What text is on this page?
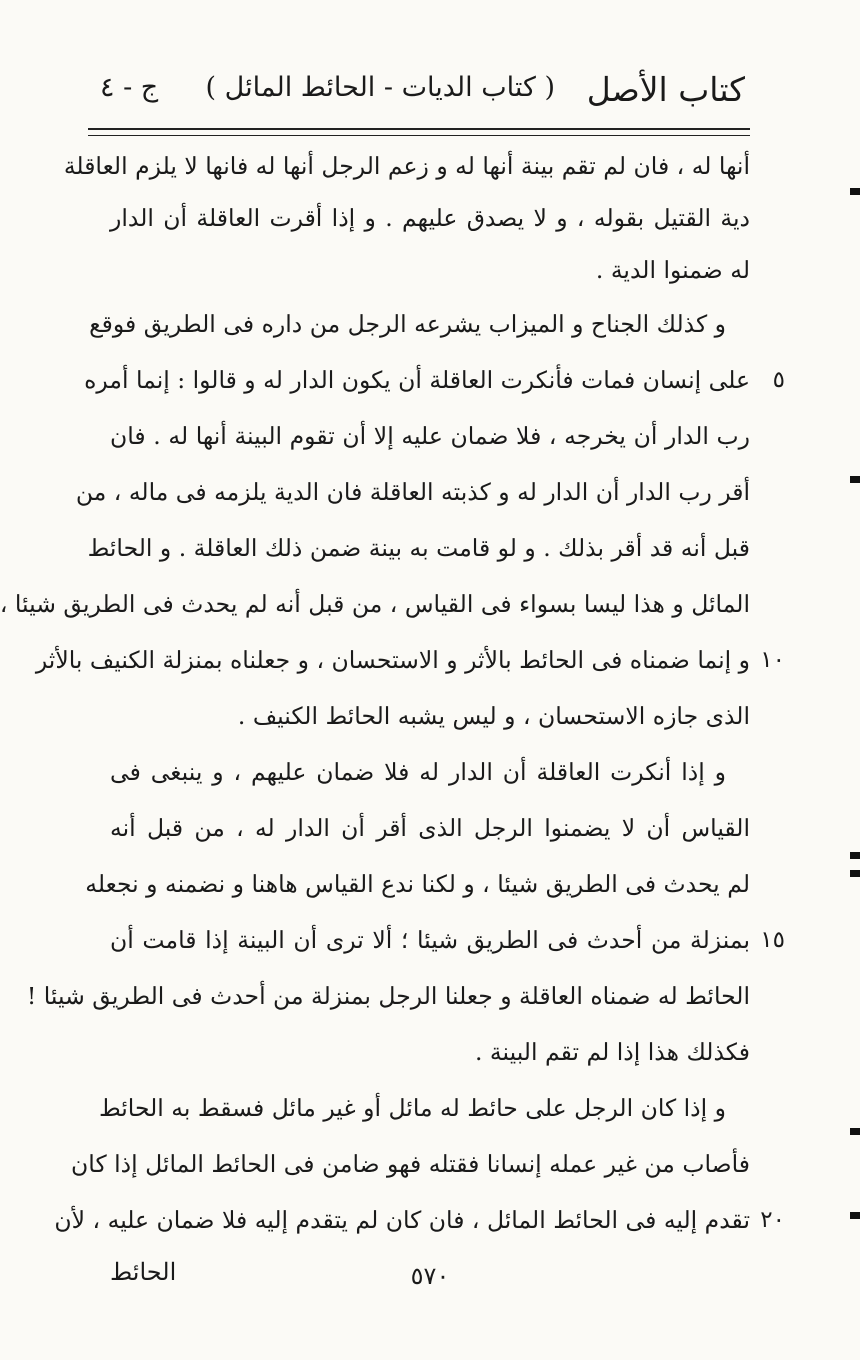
كتاب الأصل
( كتاب الديات - الحائط المائل )
ج - ٤
أنها له ، فان لم تقم بينة أنها له و زعم الرجل أنها له فانها لا يلزم العاقلة
دية القتيل بقوله ، و لا يصدق عليهم . و إذا أقرت العاقلة أن الدار
له ضمنوا الدية .
و كذلك الجناح و الميزاب يشرعه الرجل من داره فى الطريق فوقع
على إنسان فمات فأنكرت العاقلة أن يكون الدار له و قالوا : إنما أمره
رب الدار أن يخرجه ، فلا ضمان عليه إلا أن تقوم البينة أنها له . فان
أقر رب الدار أن الدار له و كذبته العاقلة فان الدية يلزمه فى ماله ، من
قبل أنه قد أقر بذلك . و لو قامت به بينة ضمن ذلك العاقلة . و الحائط
المائل و هذا ليسا بسواء فى القياس ، من قبل أنه لم يحدث فى الطريق شيئا ،
و إنما ضمناه فى الحائط بالأثر و الاستحسان ، و جعلناه بمنزلة الكنيف بالأثر
الذى جازه الاستحسان ، و ليس يشبه الحائط الكنيف .
و إذا أنكرت العاقلة أن الدار له فلا ضمان عليهم ، و ينبغى فى
القياس أن لا يضمنوا الرجل الذى أقر أن الدار له ، من قبل أنه
لم يحدث فى الطريق شيئا ، و لكنا ندع القياس هاهنا و نضمنه و نجعله
بمنزلة من أحدث فى الطريق شيئا ؛ ألا ترى أن البينة إذا قامت أن
الحائط له ضمناه العاقلة و جعلنا الرجل بمنزلة من أحدث فى الطريق شيئا !
فكذلك هذا إذا لم تقم البينة .
و إذا كان الرجل على حائط له مائل أو غير مائل فسقط به الحائط
فأصاب من غير عمله إنسانا فقتله فهو ضامن فى الحائط المائل إذا كان
تقدم إليه فى الحائط المائل ، فان كان لم يتقدم إليه فلا ضمان عليه ، لأن
٥
١٠
١٥
٢٠
الحائط	٥٧٠
